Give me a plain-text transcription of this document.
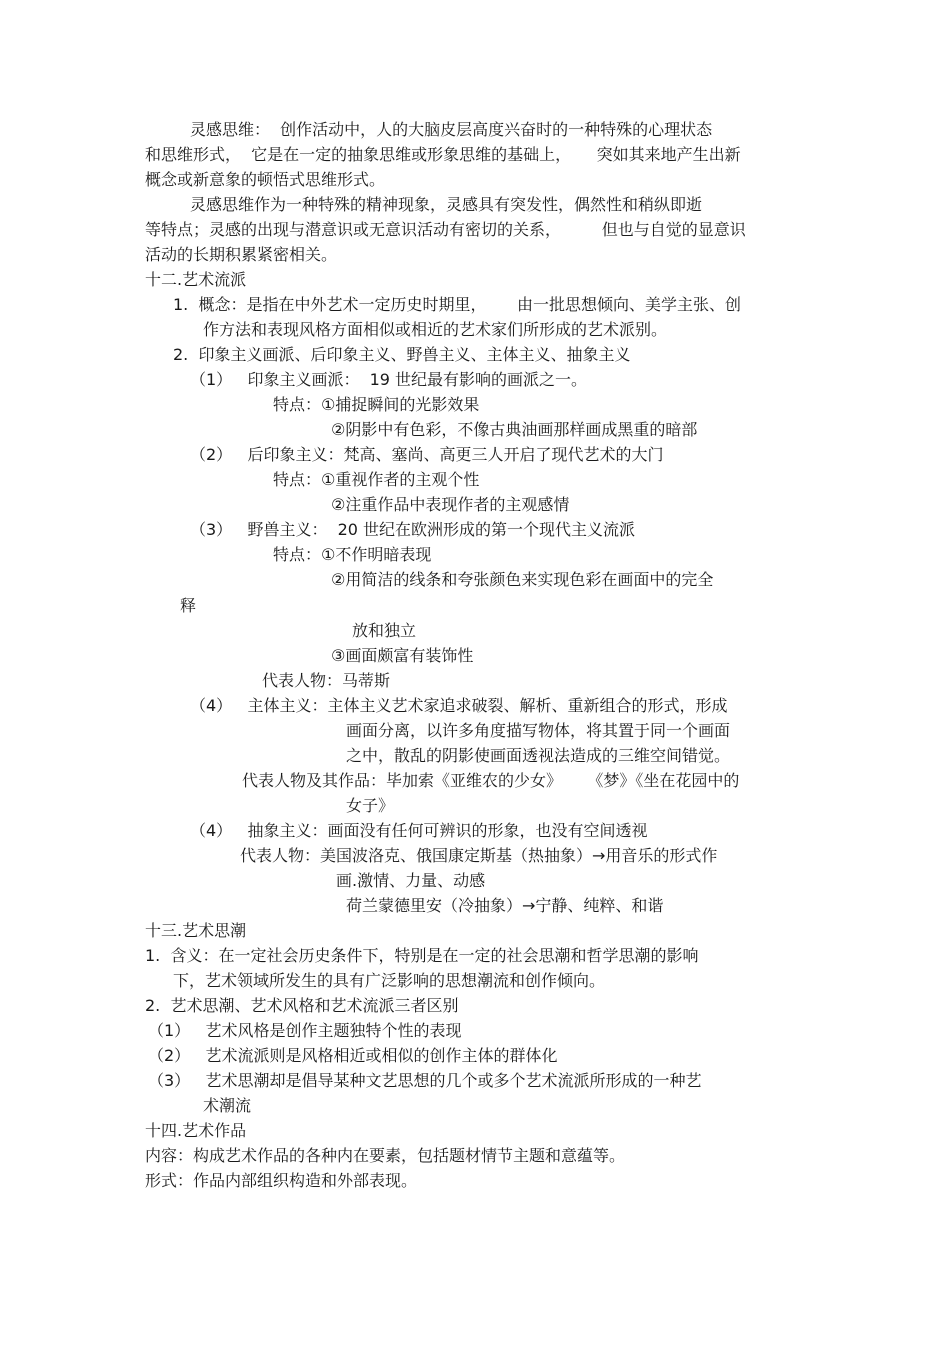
灵感思维：  创作活动中，人的大脑皮层高度兴奋时的一种特殊的心理状态
和思维形式，  它是在一定的抽象思维或形象思维的基础上，     突如其来地产生出新
概念或新意象的顿悟式思维形式。
灵感思维作为一种特殊的精神现象，灵感具有突发性，偶然性和稍纵即逝
等特点；灵感的出现与潜意识或无意识活动有密切的关系，        但也与自觉的显意识
活动的长期积累紧密相关。
十二.艺术流派
1.  概念：是指在中外艺术一定历史时期里，      由一批思想倾向、美学主张、创
作方法和表现风格方面相似或相近的艺术家们所形成的艺术派别。
2.  印象主义画派、后印象主义、野兽主义、主体主义、抽象主义
（1）   印象主义画派：  19 世纪最有影响的画派之一。
特点：①捕捉瞬间的光影效果
②阴影中有色彩，不像古典油画那样画成黑重的暗部
（2）   后印象主义：梵高、塞尚、高更三人开启了现代艺术的大门
特点：①重视作者的主观个性
②注重作品中表现作者的主观感情
（3）   野兽主义：  20 世纪在欧洲形成的第一个现代主义流派
特点：①不作明暗表现
②用简洁的线条和夸张颜色来实现色彩在画面中的完全
释
放和独立
③画面颇富有装饰性
代表人物：马蒂斯
（4）   主体主义：主体主义艺术家追求破裂、解析、重新组合的形式，形成
画面分离，以许多角度描写物体，将其置于同一个画面
之中，散乱的阴影使画面透视法造成的三维空间错觉。
代表人物及其作品：毕加索《亚维农的少女》     《梦》《坐在花园中的
女子》
（4）   抽象主义：画面没有任何可辨识的形象，也没有空间透视
代表人物：美国波洛克、俄国康定斯基（热抽象）→用音乐的形式作
画.激情、力量、动感
荷兰蒙德里安（冷抽象）→宁静、纯粹、和谐
十三.艺术思潮
1.  含义：在一定社会历史条件下，特别是在一定的社会思潮和哲学思潮的影响
下，艺术领域所发生的具有广泛影响的思想潮流和创作倾向。
2.  艺术思潮、艺术风格和艺术流派三者区别
（1）   艺术风格是创作主题独特个性的表现
（2）   艺术流派则是风格相近或相似的创作主体的群体化
（3）   艺术思潮却是倡导某种文艺思想的几个或多个艺术流派所形成的一种艺
术潮流
十四.艺术作品
内容：构成艺术作品的各种内在要素，包括题材情节主题和意蕴等。
形式：作品内部组织构造和外部表现。
